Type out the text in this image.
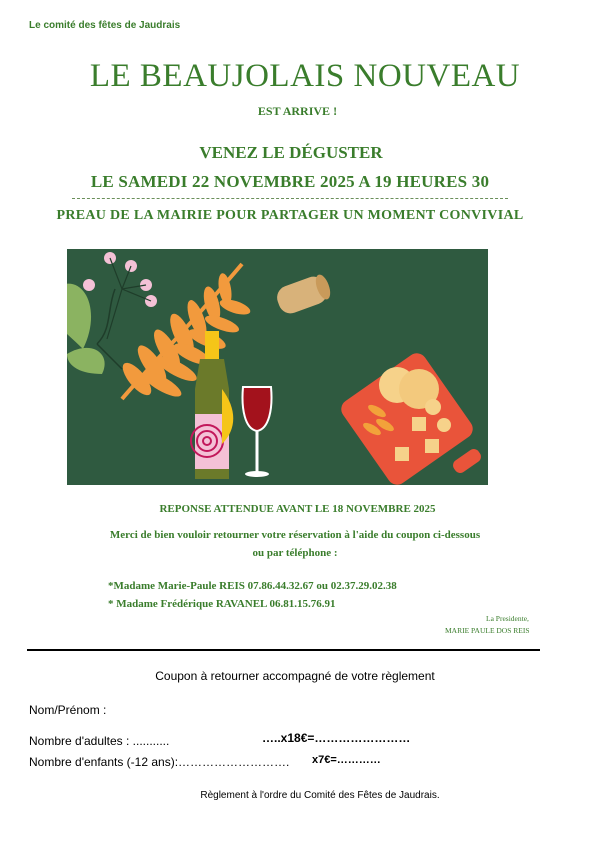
Le comité des fêtes de Jaudrais
LE BEAUJOLAIS NOUVEAU
EST ARRIVE !
VENEZ LE DÉGUSTER
LE SAMEDI 22 NOVEMBRE 2025 A 19 HEURES 30
PREAU DE LA MAIRIE POUR PARTAGER UN MOMENT CONVIVIAL
REPONSE ATTENDUE AVANT LE 18 NOVEMBRE 2025
Merci de bien vouloir retourner votre réservation à l'aide du coupon ci-dessous
ou par téléphone :
*Madame Marie-Paule REIS 07.86.44.32.67 ou 02.37.29.02.38
* Madame Frédérique RAVANEL 06.81.15.76.91
La Presidente,
MARIE PAULE DOS REIS
Coupon à retourner accompagné de votre règlement
Nom/Prénom :
Nombre d'adultes : ...........	…..x18€=……………………
Nombre d'enfants (-12 ans):………………………. x7€=…………
Règlement à l'ordre du Comité des Fêtes de Jaudrais.
